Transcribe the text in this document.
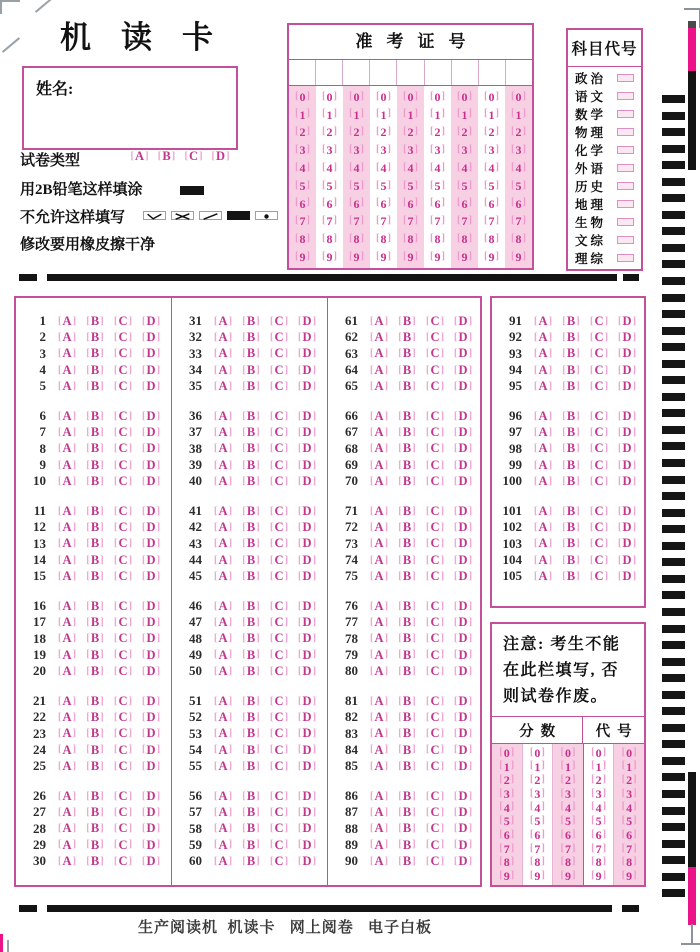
机读卡
姓名:
试卷类型	[ A ] [ B ] [ C ] [ D ]
用2B铅笔这样填涂
不允许这样填写
修改要用橡皮擦干净
准考证号
[ 0 ]
[ 1 ]
[ 2 ]
[ 3 ]
[ 4 ]
[ 5 ]
[ 6 ]
[ 7 ]
[ 8 ]
[ 9 ]
[ 0 ]
[ 1 ]
[ 2 ]
[ 3 ]
[ 4 ]
[ 5 ]
[ 6 ]
[ 7 ]
[ 8 ]
[ 9 ]
[ 0 ]
[ 1 ]
[ 2 ]
[ 3 ]
[ 4 ]
[ 5 ]
[ 6 ]
[ 7 ]
[ 8 ]
[ 9 ]
[ 0 ]
[ 1 ]
[ 2 ]
[ 3 ]
[ 4 ]
[ 5 ]
[ 6 ]
[ 7 ]
[ 8 ]
[ 9 ]
[ 0 ]
[ 1 ]
[ 2 ]
[ 3 ]
[ 4 ]
[ 5 ]
[ 6 ]
[ 7 ]
[ 8 ]
[ 9 ]
[ 0 ]
[ 1 ]
[ 2 ]
[ 3 ]
[ 4 ]
[ 5 ]
[ 6 ]
[ 7 ]
[ 8 ]
[ 9 ]
[ 0 ]
[ 1 ]
[ 2 ]
[ 3 ]
[ 4 ]
[ 5 ]
[ 6 ]
[ 7 ]
[ 8 ]
[ 9 ]
[ 0 ]
[ 1 ]
[ 2 ]
[ 3 ]
[ 4 ]
[ 5 ]
[ 6 ]
[ 7 ]
[ 8 ]
[ 9 ]
[ 0 ]
[ 1 ]
[ 2 ]
[ 3 ]
[ 4 ]
[ 5 ]
[ 6 ]
[ 7 ]
[ 8 ]
[ 9 ]
科目代号
政治
语文
数学
物理
化学
外语
历史
地理
生物
文综
理综
1 [ A ] [ B ] [ C ] [ D ]
2 [ A ] [ B ] [ C ] [ D ]
3 [ A ] [ B ] [ C ] [ D ]
4 [ A ] [ B ] [ C ] [ D ]
5 [ A ] [ B ] [ C ] [ D ]
6 [ A ] [ B ] [ C ] [ D ]
7 [ A ] [ B ] [ C ] [ D ]
8 [ A ] [ B ] [ C ] [ D ]
9 [ A ] [ B ] [ C ] [ D ]
10 [ A ] [ B ] [ C ] [ D ]
11 [ A ] [ B ] [ C ] [ D ]
12 [ A ] [ B ] [ C ] [ D ]
13 [ A ] [ B ] [ C ] [ D ]
14 [ A ] [ B ] [ C ] [ D ]
15 [ A ] [ B ] [ C ] [ D ]
16 [ A ] [ B ] [ C ] [ D ]
17 [ A ] [ B ] [ C ] [ D ]
18 [ A ] [ B ] [ C ] [ D ]
19 [ A ] [ B ] [ C ] [ D ]
20 [ A ] [ B ] [ C ] [ D ]
21 [ A ] [ B ] [ C ] [ D ]
22 [ A ] [ B ] [ C ] [ D ]
23 [ A ] [ B ] [ C ] [ D ]
24 [ A ] [ B ] [ C ] [ D ]
25 [ A ] [ B ] [ C ] [ D ]
26 [ A ] [ B ] [ C ] [ D ]
27 [ A ] [ B ] [ C ] [ D ]
28 [ A ] [ B ] [ C ] [ D ]
29 [ A ] [ B ] [ C ] [ D ]
30 [ A ] [ B ] [ C ] [ D ]
31 [ A ] [ B ] [ C ] [ D ]
32 [ A ] [ B ] [ C ] [ D ]
33 [ A ] [ B ] [ C ] [ D ]
34 [ A ] [ B ] [ C ] [ D ]
35 [ A ] [ B ] [ C ] [ D ]
36 [ A ] [ B ] [ C ] [ D ]
37 [ A ] [ B ] [ C ] [ D ]
38 [ A ] [ B ] [ C ] [ D ]
39 [ A ] [ B ] [ C ] [ D ]
40 [ A ] [ B ] [ C ] [ D ]
41 [ A ] [ B ] [ C ] [ D ]
42 [ A ] [ B ] [ C ] [ D ]
43 [ A ] [ B ] [ C ] [ D ]
44 [ A ] [ B ] [ C ] [ D ]
45 [ A ] [ B ] [ C ] [ D ]
46 [ A ] [ B ] [ C ] [ D ]
47 [ A ] [ B ] [ C ] [ D ]
48 [ A ] [ B ] [ C ] [ D ]
49 [ A ] [ B ] [ C ] [ D ]
50 [ A ] [ B ] [ C ] [ D ]
51 [ A ] [ B ] [ C ] [ D ]
52 [ A ] [ B ] [ C ] [ D ]
53 [ A ] [ B ] [ C ] [ D ]
54 [ A ] [ B ] [ C ] [ D ]
55 [ A ] [ B ] [ C ] [ D ]
56 [ A ] [ B ] [ C ] [ D ]
57 [ A ] [ B ] [ C ] [ D ]
58 [ A ] [ B ] [ C ] [ D ]
59 [ A ] [ B ] [ C ] [ D ]
60 [ A ] [ B ] [ C ] [ D ]
61 [ A ] [ B ] [ C ] [ D ]
62 [ A ] [ B ] [ C ] [ D ]
63 [ A ] [ B ] [ C ] [ D ]
64 [ A ] [ B ] [ C ] [ D ]
65 [ A ] [ B ] [ C ] [ D ]
66 [ A ] [ B ] [ C ] [ D ]
67 [ A ] [ B ] [ C ] [ D ]
68 [ A ] [ B ] [ C ] [ D ]
69 [ A ] [ B ] [ C ] [ D ]
70 [ A ] [ B ] [ C ] [ D ]
71 [ A ] [ B ] [ C ] [ D ]
72 [ A ] [ B ] [ C ] [ D ]
73 [ A ] [ B ] [ C ] [ D ]
74 [ A ] [ B ] [ C ] [ D ]
75 [ A ] [ B ] [ C ] [ D ]
76 [ A ] [ B ] [ C ] [ D ]
77 [ A ] [ B ] [ C ] [ D ]
78 [ A ] [ B ] [ C ] [ D ]
79 [ A ] [ B ] [ C ] [ D ]
80 [ A ] [ B ] [ C ] [ D ]
81 [ A ] [ B ] [ C ] [ D ]
82 [ A ] [ B ] [ C ] [ D ]
83 [ A ] [ B ] [ C ] [ D ]
84 [ A ] [ B ] [ C ] [ D ]
85 [ A ] [ B ] [ C ] [ D ]
86 [ A ] [ B ] [ C ] [ D ]
87 [ A ] [ B ] [ C ] [ D ]
88 [ A ] [ B ] [ C ] [ D ]
89 [ A ] [ B ] [ C ] [ D ]
90 [ A ] [ B ] [ C ] [ D ]
91 [ A ] [ B ] [ C ] [ D ]
92 [ A ] [ B ] [ C ] [ D ]
93 [ A ] [ B ] [ C ] [ D ]
94 [ A ] [ B ] [ C ] [ D ]
95 [ A ] [ B ] [ C ] [ D ]
96 [ A ] [ B ] [ C ] [ D ]
97 [ A ] [ B ] [ C ] [ D ]
98 [ A ] [ B ] [ C ] [ D ]
99 [ A ] [ B ] [ C ] [ D ]
100 [ A ] [ B ] [ C ] [ D ]
101 [ A ] [ B ] [ C ] [ D ]
102 [ A ] [ B ] [ C ] [ D ]
103 [ A ] [ B ] [ C ] [ D ]
104 [ A ] [ B ] [ C ] [ D ]
105 [ A ] [ B ] [ C ] [ D ]
注意: 考生不能
在此栏填写, 否
则试卷作废。
分数	代号
[ 0 ]
[ 1 ]
[ 2 ]
[ 3 ]
[ 4 ]
[ 5 ]
[ 6 ]
[ 7 ]
[ 8 ]
[ 9 ]
[ 0 ]
[ 1 ]
[ 2 ]
[ 3 ]
[ 4 ]
[ 5 ]
[ 6 ]
[ 7 ]
[ 8 ]
[ 9 ]
[ 0 ]
[ 1 ]
[ 2 ]
[ 3 ]
[ 4 ]
[ 5 ]
[ 6 ]
[ 7 ]
[ 8 ]
[ 9 ]
[ 0 ]
[ 1 ]
[ 2 ]
[ 3 ]
[ 4 ]
[ 5 ]
[ 6 ]
[ 7 ]
[ 8 ]
[ 9 ]
[ 0 ]
[ 1 ]
[ 2 ]
[ 3 ]
[ 4 ]
[ 5 ]
[ 6 ]
[ 7 ]
[ 8 ]
[ 9 ]
生产阅读机  机读卡   网上阅卷   电子白板
